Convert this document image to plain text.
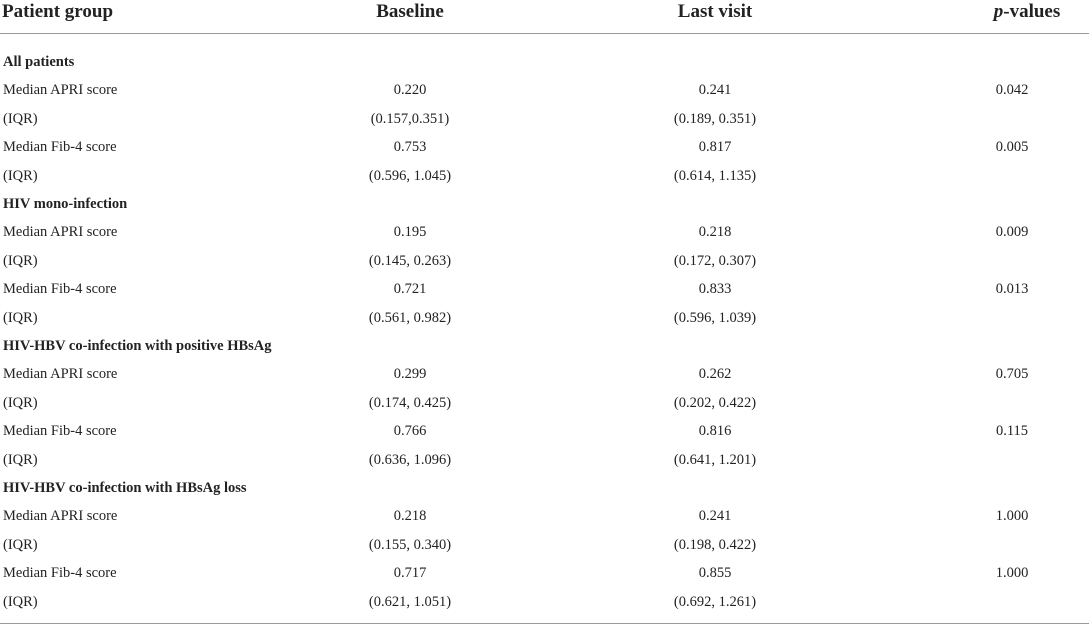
Patient group	Baseline	Last visit	p-values
All patients
Median APRI score	0.220	0.241	0.042
(IQR)	(0.157,0.351)	(0.189, 0.351)
Median Fib-4 score	0.753	0.817	0.005
(IQR)	(0.596, 1.045)	(0.614, 1.135)
HIV mono-infection
Median APRI score	0.195	0.218	0.009
(IQR)	(0.145, 0.263)	(0.172, 0.307)
Median Fib-4 score	0.721	0.833	0.013
(IQR)	(0.561, 0.982)	(0.596, 1.039)
HIV-HBV co-infection with positive HBsAg
Median APRI score	0.299	0.262	0.705
(IQR)	(0.174, 0.425)	(0.202, 0.422)
Median Fib-4 score	0.766	0.816	0.115
(IQR)	(0.636, 1.096)	(0.641, 1.201)
HIV-HBV co-infection with HBsAg loss
Median APRI score	0.218	0.241	1.000
(IQR)	(0.155, 0.340)	(0.198, 0.422)
Median Fib-4 score	0.717	0.855	1.000
(IQR)	(0.621, 1.051)	(0.692, 1.261)
